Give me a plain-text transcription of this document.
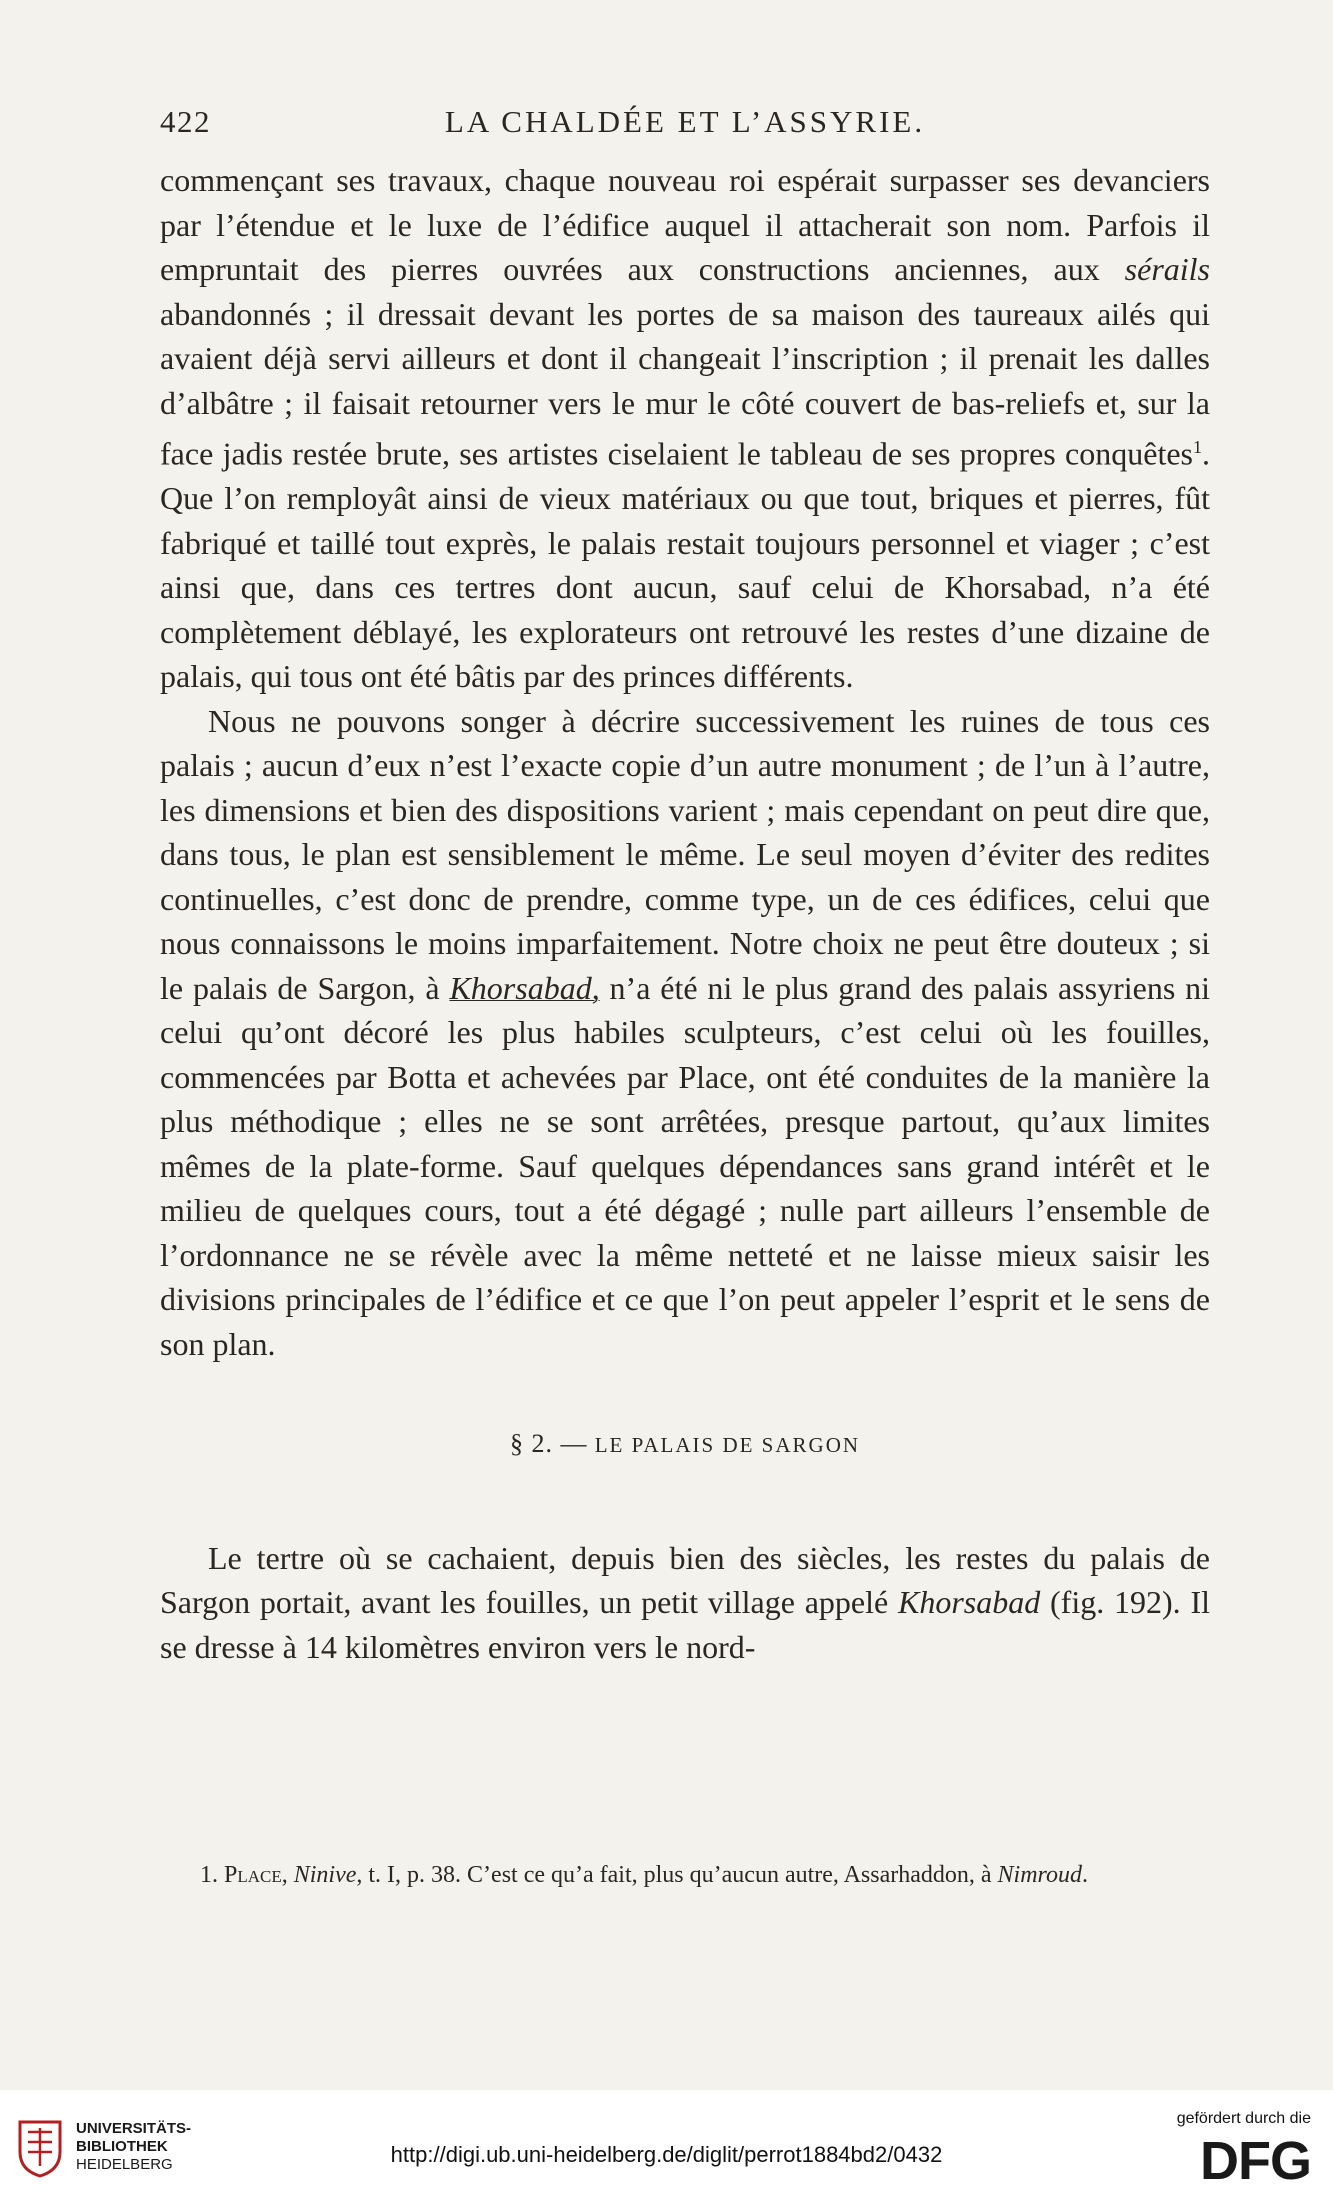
422	LA CHALDÉE ET L’ASSYRIE.

commençant ses travaux, chaque nouveau roi espérait surpasser ses devanciers par l’étendue et le luxe de l’édifice auquel il attacherait son nom. Parfois il empruntait des pierres ouvrées aux constructions anciennes, aux sérails abandonnés ; il dressait devant les portes de sa maison des taureaux ailés qui avaient déjà servi ailleurs et dont il changeait l’inscription ; il prenait les dalles d’albâtre ; il faisait retourner vers le mur le côté couvert de bas-reliefs et, sur la face jadis restée brute, ses artistes ciselaient le tableau de ses propres conquêtes$^1$. Que l’on remployât ainsi de vieux matériaux ou que tout, briques et pierres, fût fabriqué et taillé tout exprès, le palais restait toujours personnel et viager ; c’est ainsi que, dans ces tertres dont aucun, sauf celui de Khorsabad, n’a été complètement déblayé, les explorateurs ont retrouvé les restes d’une dizaine de palais, qui tous ont été bâtis par des princes différents.

Nous ne pouvons songer à décrire successivement les ruines de tous ces palais ; aucun d’eux n’est l’exacte copie d’un autre monument ; de l’un à l’autre, les dimensions et bien des dispositions varient ; mais cependant on peut dire que, dans tous, le plan est sensiblement le même. Le seul moyen d’éviter des redites continuelles, c’est donc de prendre, comme type, un de ces édifices, celui que nous connaissons le moins imparfaitement. Notre choix ne peut être douteux ; si le palais de Sargon, à Khorsabad, n’a été ni le plus grand des palais assyriens ni celui qu’ont décoré les plus habiles sculpteurs, c’est celui où les fouilles, commencées par Botta et achevées par Place, ont été conduites de la manière la plus méthodique ; elles ne se sont arrêtées, presque partout, qu’aux limites mêmes de la plate-forme. Sauf quelques dépendances sans grand intérêt et le milieu de quelques cours, tout a été dégagé ; nulle part ailleurs l’ensemble de l’ordonnance ne se révèle avec la même netteté et ne laisse mieux saisir les divisions principales de l’édifice et ce que l’on peut appeler l’esprit et le sens de son plan.

§ 2. — LE PALAIS DE SARGON

Le tertre où se cachaient, depuis bien des siècles, les restes du palais de Sargon portait, avant les fouilles, un petit village appelé Khorsabad (fig. 192). Il se dresse à 14 kilomètres environ vers le nord-

1. Place, Ninive, t. I, p. 38. C’est ce qu’a fait, plus qu’aucun autre, Assarhaddon, à Nimroud.
UNIVERSITÄTS-
BIBLIOTHEK
HEIDELBERG	http://digi.ub.uni-heidelberg.de/diglit/perrot1884bd2/0432
gefördert durch die
DFG
